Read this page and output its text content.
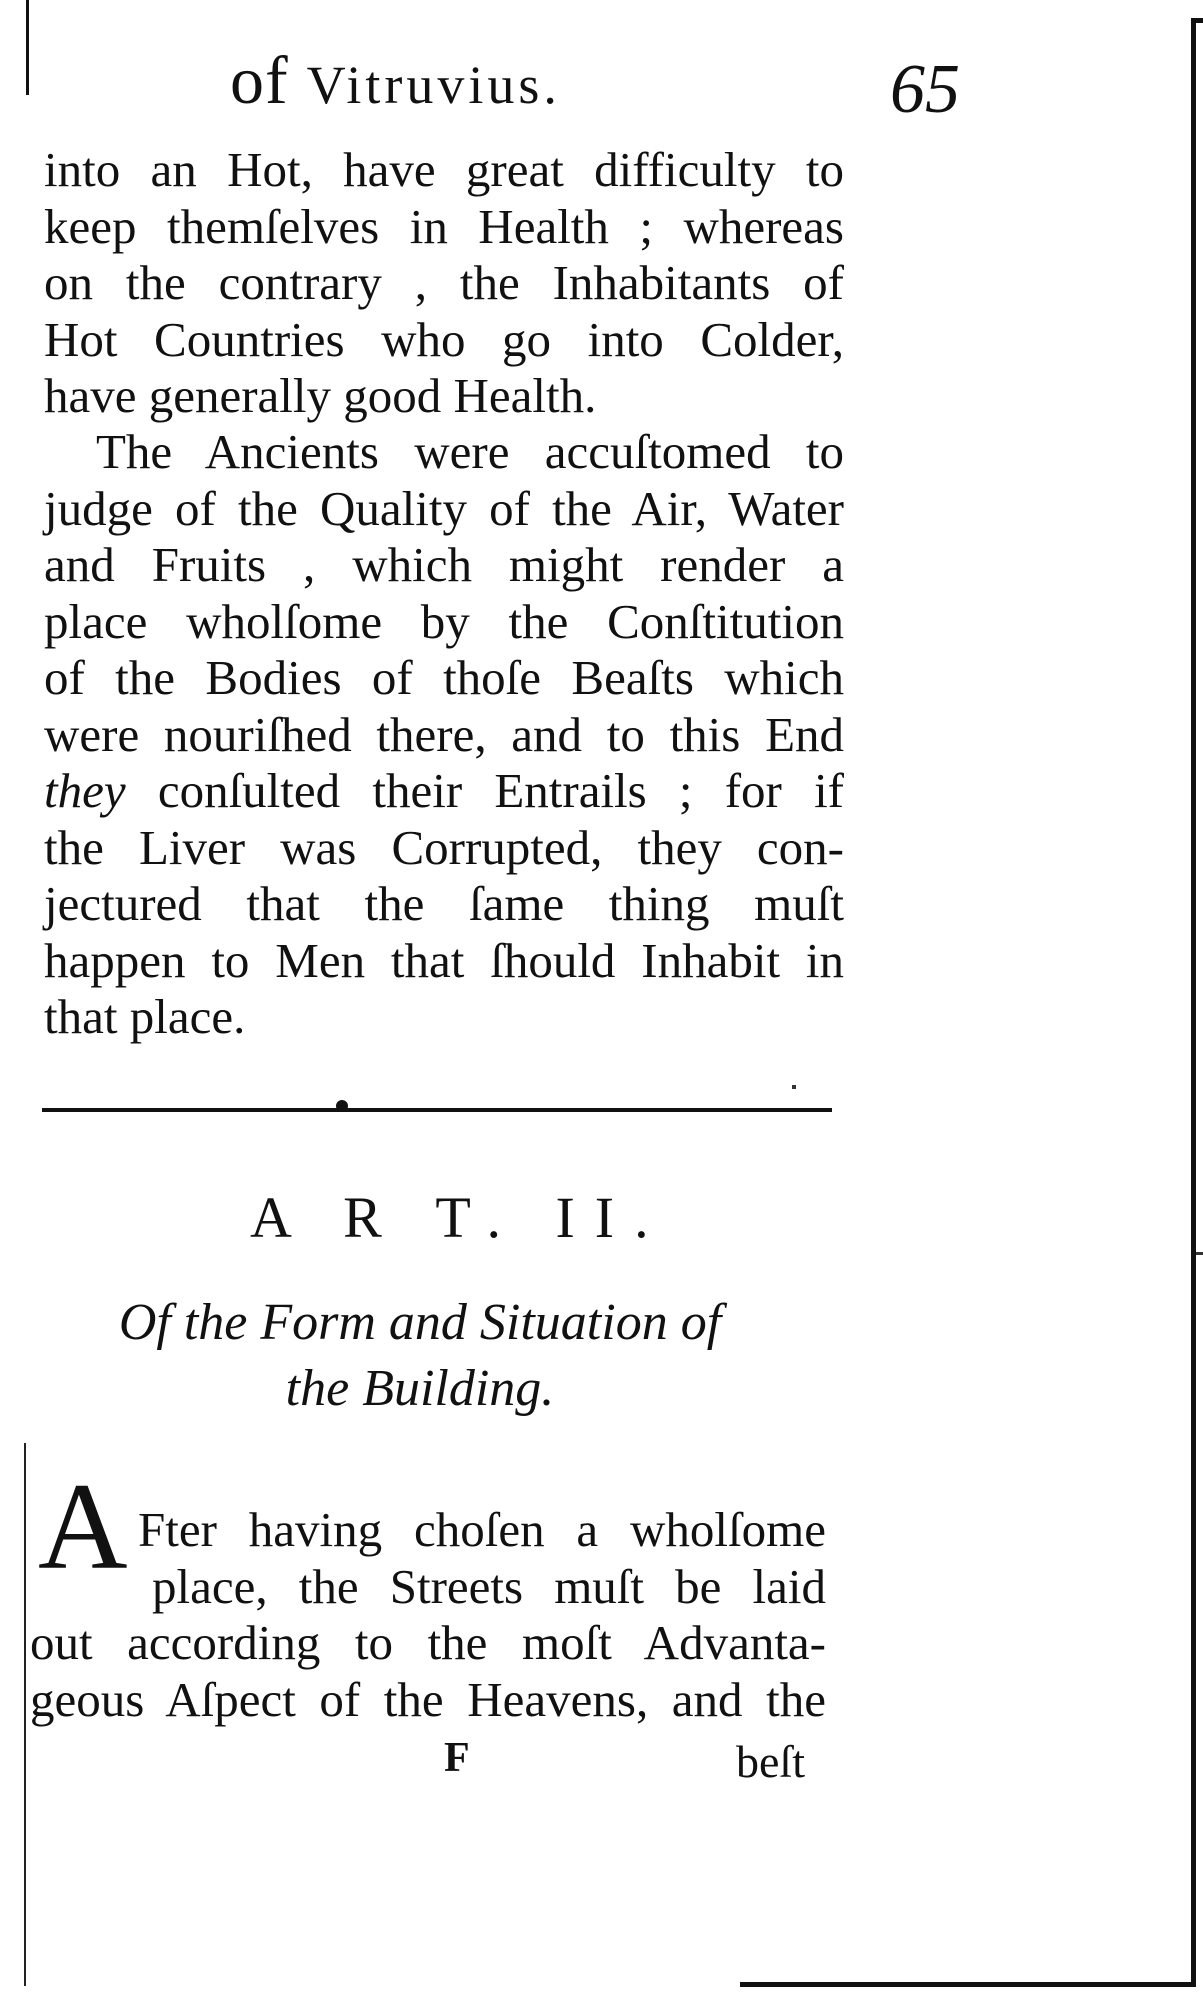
of Vitruvius.	65
into an Hot, have great difficulty to
keep themſelves in Health ; whereas
on the contrary , the Inhabitants of
Hot Countries who go into Colder,
have generally good Health.
The Ancients were accuſtomed to
judge of the Quality of the Air, Water
and Fruits , which might render a
place wholſome by the Conſtitution
of the Bodies of thoſe Beaſts which
were nouriſhed there, and to this End
they conſulted their Entrails ; for if
the Liver was Corrupted, they con-
jectured that the ſame thing muſt
happen to Men that ſhould Inhabit in
that place.
A R T. II.
Of the Form and Situation of
the Building.
A Fter having choſen a wholſome
place, the Streets muſt be laid
out according to the moſt Advanta-
geous Aſpect of the Heavens, and the
F	beſt
